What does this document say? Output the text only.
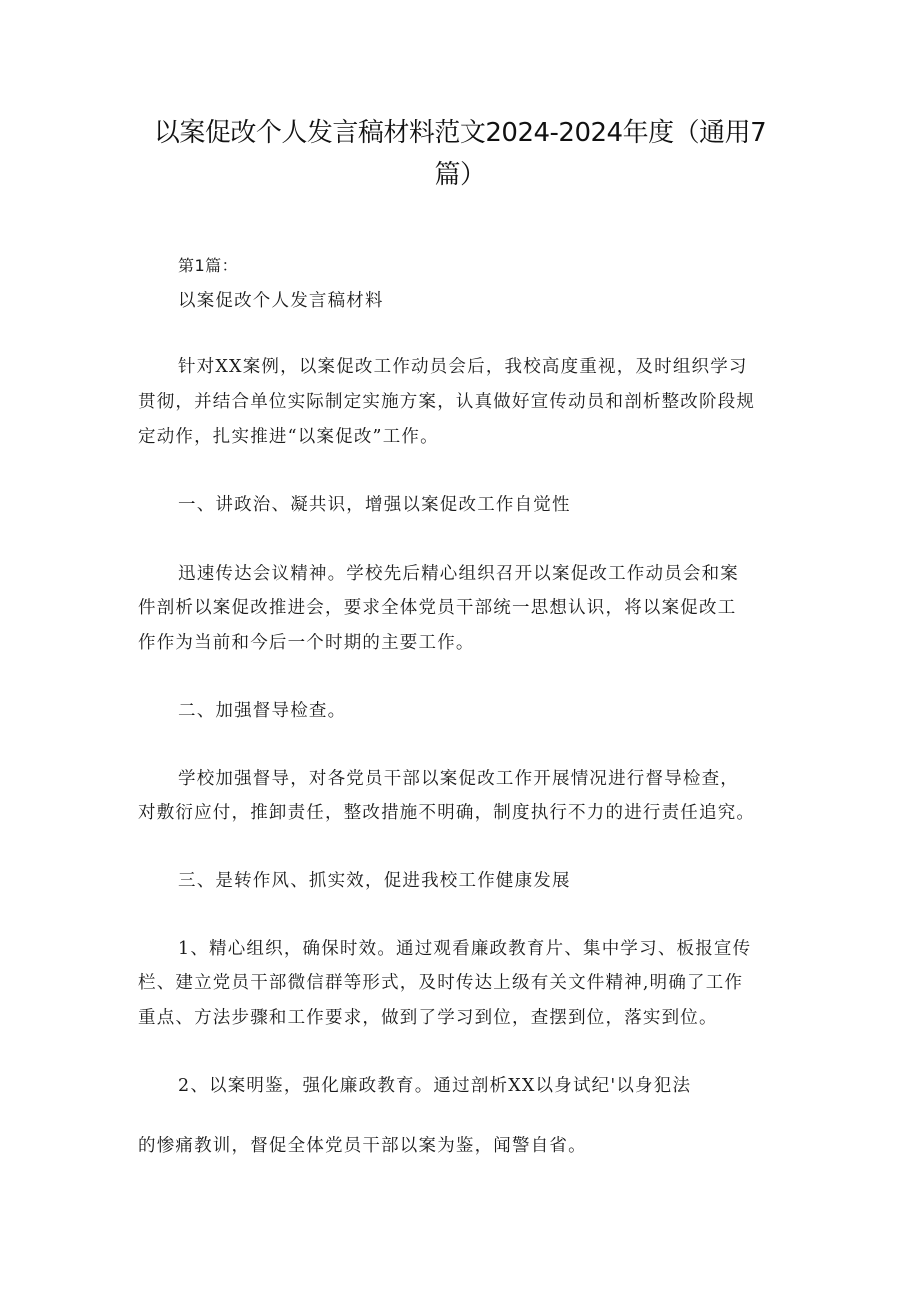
以案促改个人发言稿材料范文2024-2024年度（通用7
篇）
第1篇：
以案促改个人发言稿材料
针对XX案例，以案促改工作动员会后，我校高度重视，及时组织学习
贯彻，并结合单位实际制定实施方案，认真做好宣传动员和剖析整改阶段规
定动作，扎实推进“以案促改”工作。
一、讲政治、凝共识，增强以案促改工作自觉性
迅速传达会议精神。学校先后精心组织召开以案促改工作动员会和案
件剖析以案促改推进会，要求全体党员干部统一思想认识，将以案促改工
作作为当前和今后一个时期的主要工作。
二、加强督导检查。
学校加强督导，对各党员干部以案促改工作开展情况进行督导检查，
对敷衍应付，推卸责任，整改措施不明确，制度执行不力的进行责任追究。
三、是转作风、抓实效，促进我校工作健康发展
1、精心组织，确保时效。通过观看廉政教育片、集中学习、板报宣传
栏、建立党员干部微信群等形式，及时传达上级有关文件精神,明确了工作
重点、方法步骤和工作要求，做到了学习到位，查摆到位，落实到位。
2、以案明鉴，强化廉政教育。通过剖析XX以身试纪'以身犯法
的惨痛教训，督促全体党员干部以案为鉴，闻警自省。
